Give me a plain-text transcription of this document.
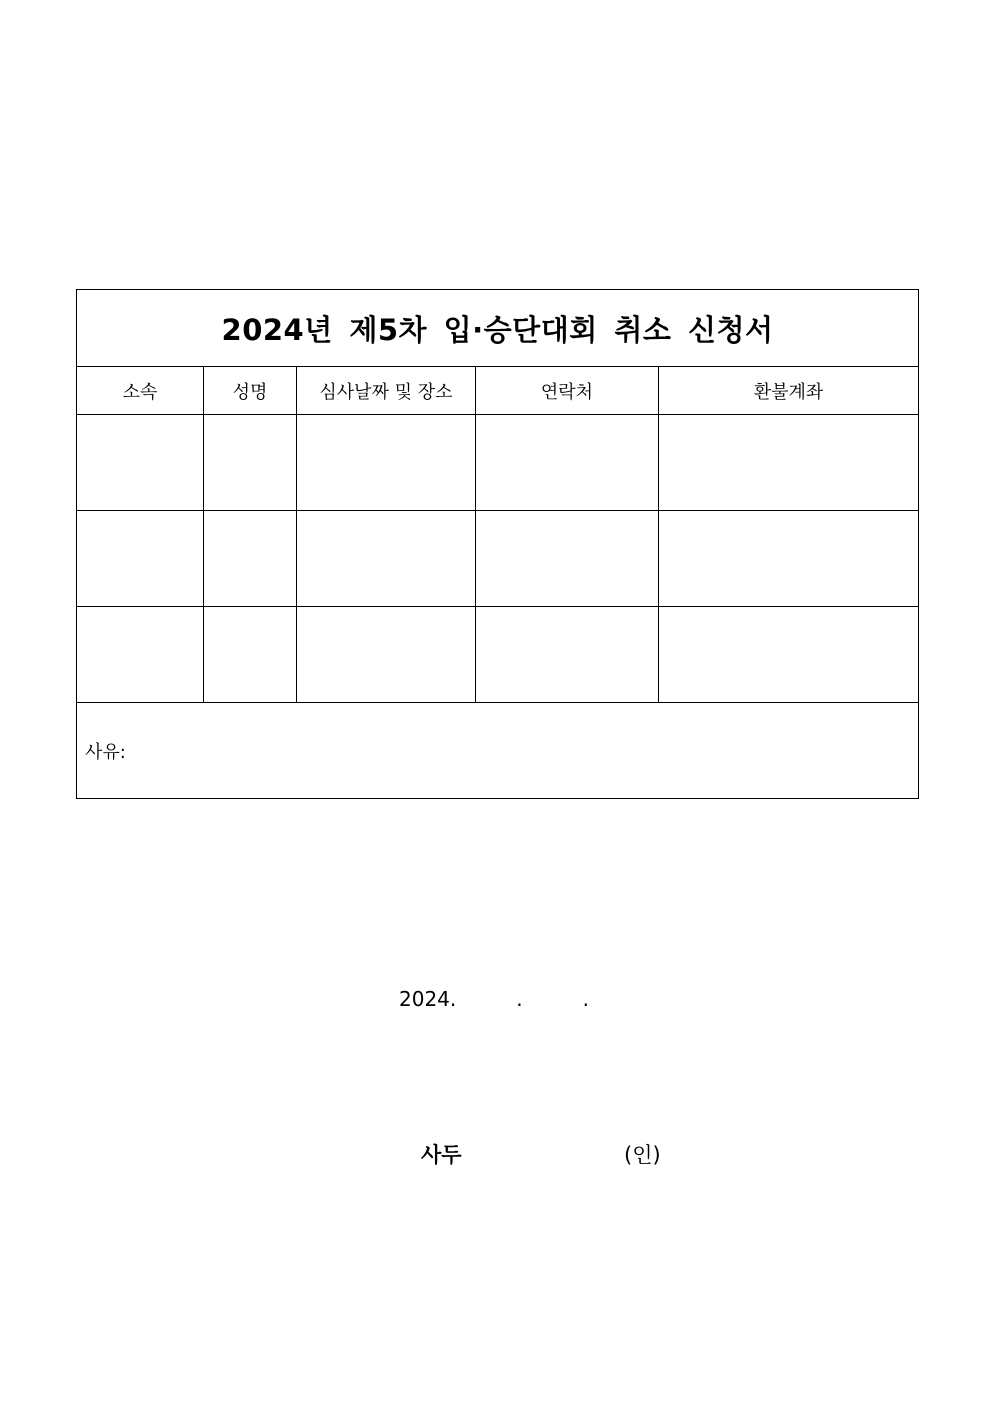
2024년 제5차 입·승단대회 취소 신청서				
소속	성명	심사날짜 및 장소	연락처	환불계좌

사유:				
2024.	.	.
사두	(인)
